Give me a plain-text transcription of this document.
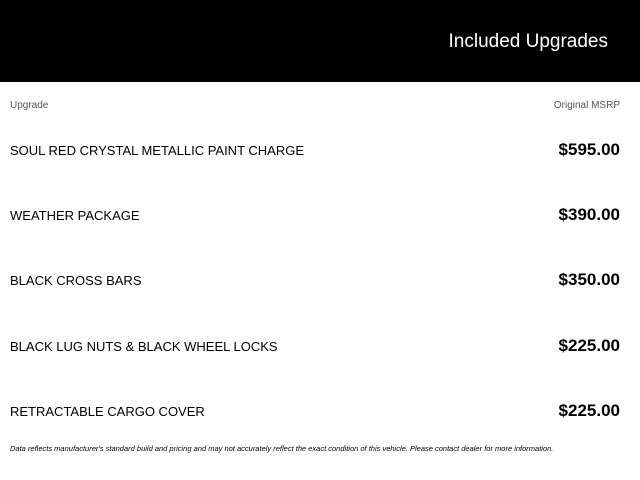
Included Upgrades
Upgrade	Original MSRP
SOUL RED CRYSTAL METALLIC PAINT CHARGE	$595.00
WEATHER PACKAGE	$390.00
BLACK CROSS BARS	$350.00
BLACK LUG NUTS & BLACK WHEEL LOCKS	$225.00
RETRACTABLE CARGO COVER	$225.00
Data reflects manufacturer's standard build and pricing and may not accurately reflect the exact condition of this vehicle. Please contact dealer for more information.
